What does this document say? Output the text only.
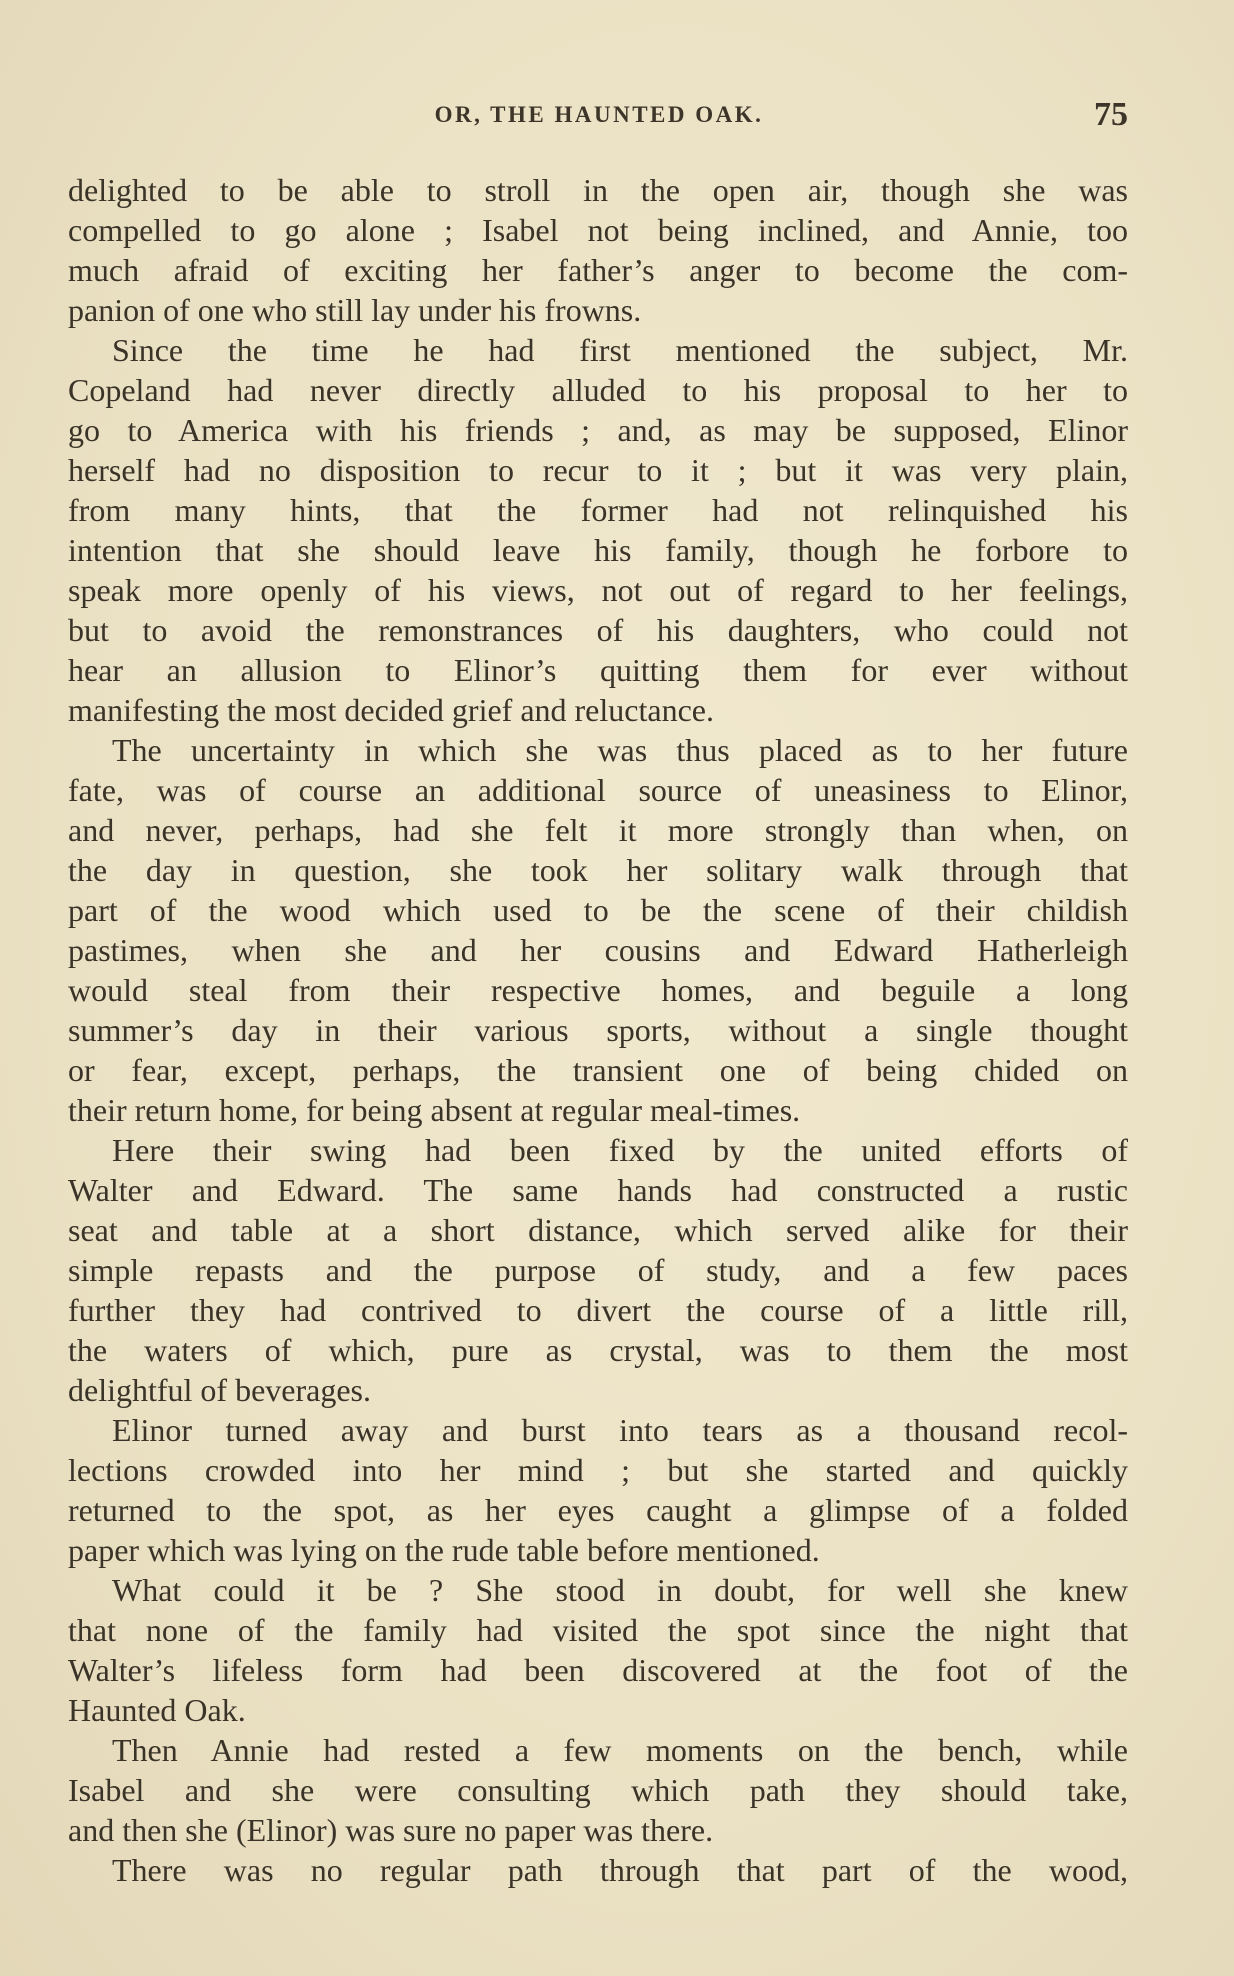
OR, THE HAUNTED OAK.	75
delighted to be able to stroll in the open air, though she was
compelled to go alone ; Isabel not being inclined, and Annie, too
much afraid of exciting her father’s anger to become the com-
panion of one who still lay under his frowns.
Since the time he had first mentioned the subject, Mr.
Copeland had never directly alluded to his proposal to her to
go to America with his friends ; and, as may be supposed, Elinor
herself had no disposition to recur to it ; but it was very plain,
from many hints, that the former had not relinquished his
intention that she should leave his family, though he forbore to
speak more openly of his views, not out of regard to her feelings,
but to avoid the remonstrances of his daughters, who could not
hear an allusion to Elinor’s quitting them for ever without
manifesting the most decided grief and reluctance.
The uncertainty in which she was thus placed as to her future
fate, was of course an additional source of uneasiness to Elinor,
and never, perhaps, had she felt it more strongly than when, on
the day in question, she took her solitary walk through that
part of the wood which used to be the scene of their childish
pastimes, when she and her cousins and Edward Hatherleigh
would steal from their respective homes, and beguile a long
summer’s day in their various sports, without a single thought
or fear, except, perhaps, the transient one of being chided on
their return home, for being absent at regular meal-times.
Here their swing had been fixed by the united efforts of
Walter and Edward. The same hands had constructed a rustic
seat and table at a short distance, which served alike for their
simple repasts and the purpose of study, and a few paces
further they had contrived to divert the course of a little rill,
the waters of which, pure as crystal, was to them the most
delightful of beverages.
Elinor turned away and burst into tears as a thousand recol-
lections crowded into her mind ; but she started and quickly
returned to the spot, as her eyes caught a glimpse of a folded
paper which was lying on the rude table before mentioned.
What could it be ? She stood in doubt, for well she knew
that none of the family had visited the spot since the night that
Walter’s lifeless form had been discovered at the foot of the
Haunted Oak.
Then Annie had rested a few moments on the bench, while
Isabel and she were consulting which path they should take,
and then she (Elinor) was sure no paper was there.
There was no regular path through that part of the wood,
